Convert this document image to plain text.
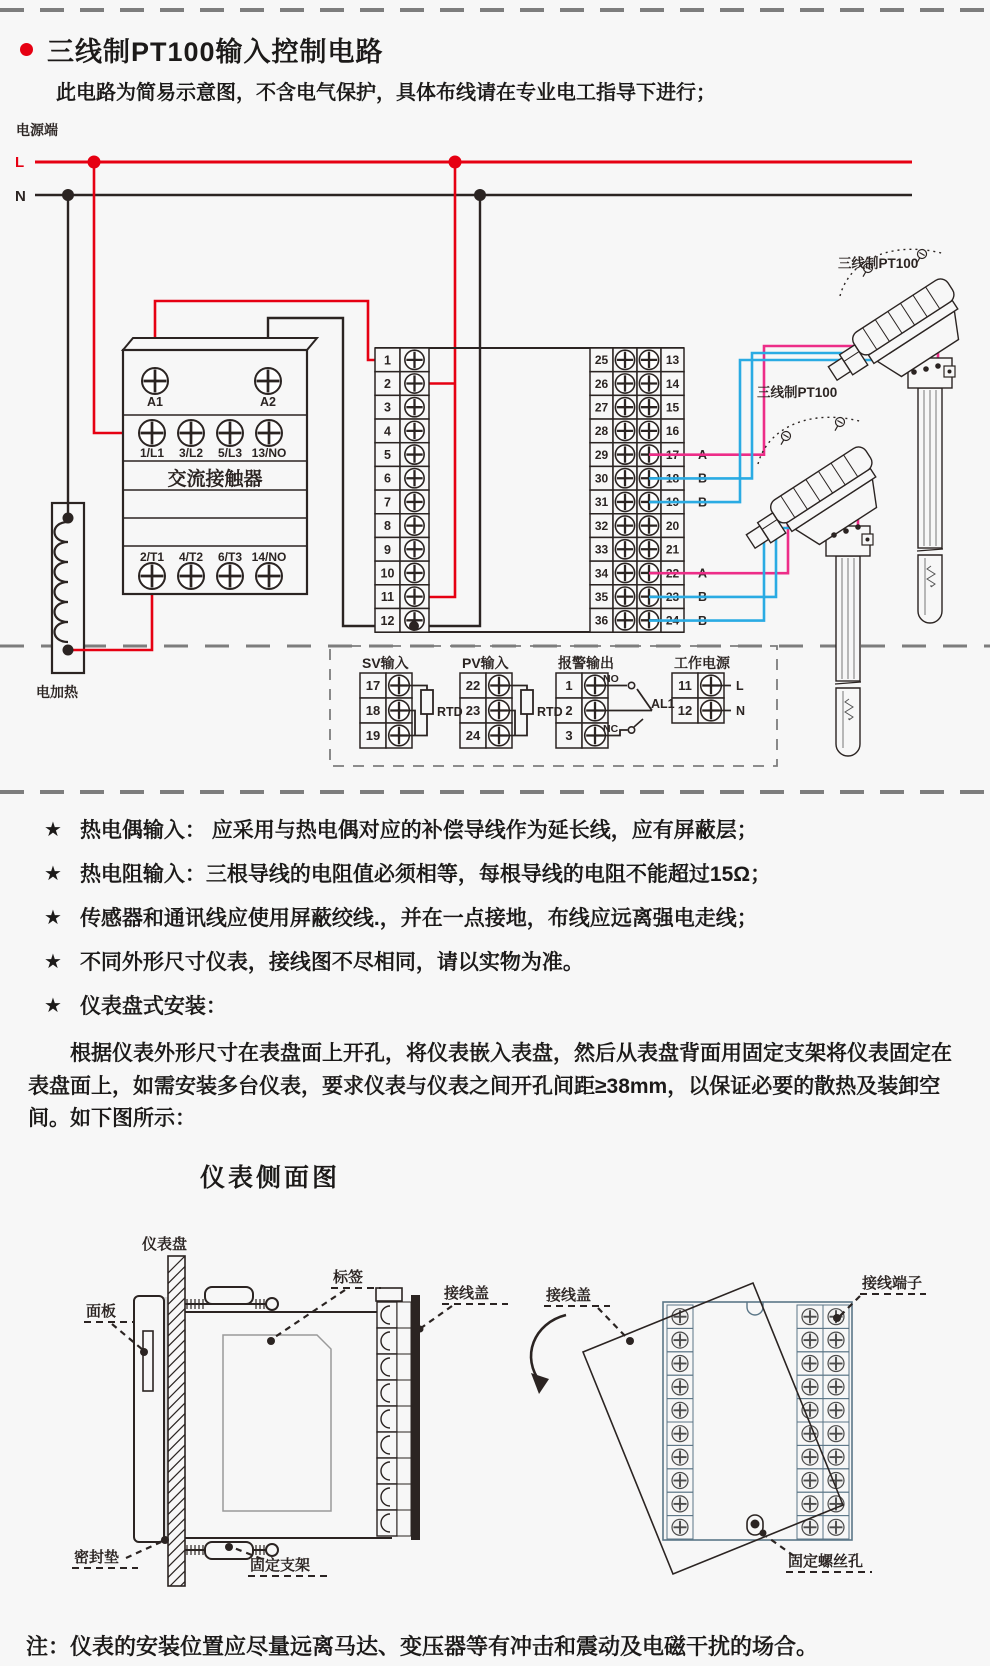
三线制PT100输入控制电路
此电路为简易示意图，不含电气保护，具体布线请在专业电工指导下进行；
电加热
电源端
L
N
1/L1 3/L2 5/L3 13/NO
2/T1 4/T2 6/T3 14/NO
A1	A2
交流接触器
1
2
3
4
5
6
7
8
9
10
11
12
25	13
26	14
27	15
28	16
29	17
30	18
31	19
32	20
33	21
34	22
35	23
36	24
A
B
B
A
B
B
三线制PT100
三线制PT100
SV输入	PV输入	报警输出	工作电源
17
18
19
22
23
24
1
2
3
11
12
RTD	RTD
NO
NC
AL1
L
N
★ 热电偶输入： 应采用与热电偶对应的补偿导线作为延长线，应有屏蔽层；
★ 热电阻输入：三根导线的电阻值必须相等，每根导线的电阻不能超过15Ω；
★ 传感器和通讯线应使用屏蔽绞线.，并在一点接地，布线应远离强电走线；
★ 不同外形尺寸仪表，接线图不尽相同，请以实物为准。
★ 仪表盘式安装：
根据仪表外形尺寸在表盘面上开孔，将仪表嵌入表盘，然后从表盘背面用固定支架将仪表固定在表盘面上，如需安装多台仪表，要求仪表与仪表之间开孔间距≥38mm，以保证必要的散热及装卸空间。如下图所示：
仪表侧面图
仪表盘
面板
标签
接线盖
密封垫	固定支架
接线盖
接线端子
固定螺丝孔
注：仪表的安装位置应尽量远离马达、变压器等有冲击和震动及电磁干扰的场合。
